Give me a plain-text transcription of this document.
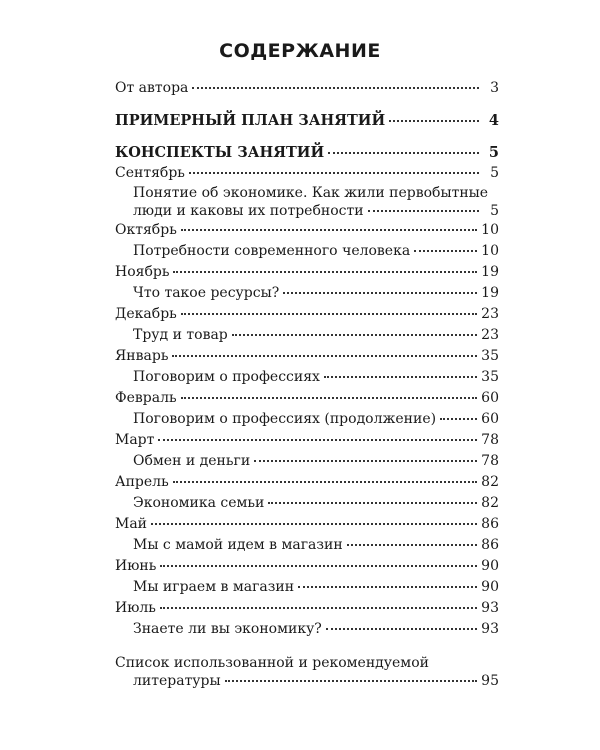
СОДЕРЖАНИЕ
От автора	3
ПРИМЕРНЫЙ ПЛАН ЗАНЯТИЙ	4
КОНСПЕКТЫ ЗАНЯТИЙ	5
Сентябрь	5
Понятие об экономике. Как жили первобытные
люди и каковы их потребности	5
Октябрь	10
Потребности современного человека	10
Ноябрь	19
Что такое ресурсы?	19
Декабрь	23
Труд и товар	23
Январь	35
Поговорим о профессиях	35
Февраль	60
Поговорим о профессиях (продолжение)	60
Март	78
Обмен и деньги	78
Апрель	82
Экономика семьи	82
Май	86
Мы с мамой идем в магазин	86
Июнь	90
Мы играем в магазин	90
Июль	93
Знаете ли вы экономику?	93
Список использованной и рекомендуемой
литературы	95
